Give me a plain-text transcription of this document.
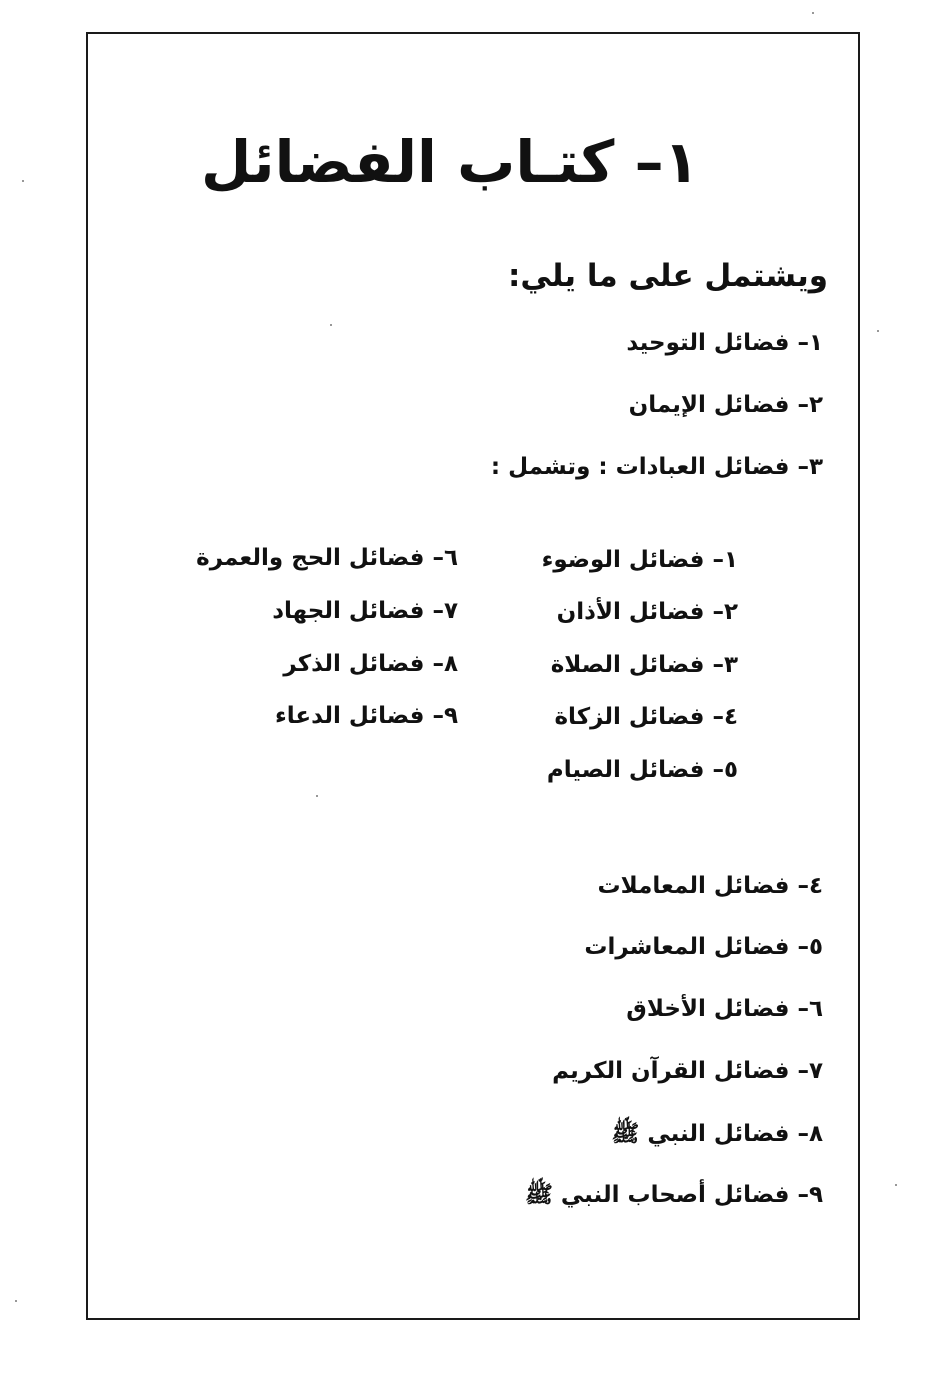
١– كتـاب الفضائل
ويشتمل على ما يلي:
١– فضائل التوحيد
٢– فضائل الإيمان
٣– فضائل العبادات : وتشمل :
١– فضائل الوضوء
٢– فضائل الأذان
٣– فضائل الصلاة
٤– فضائل الزكاة
٥– فضائل الصيام
٦– فضائل الحج والعمرة
٧– فضائل الجهاد
٨– فضائل الذكر
٩– فضائل الدعاء
٤– فضائل المعاملات
٥– فضائل المعاشرات
٦– فضائل الأخلاق
٧– فضائل القرآن الكريم
٨– فضائل النبي ﷺ
٩– فضائل أصحاب النبي ﷺ
